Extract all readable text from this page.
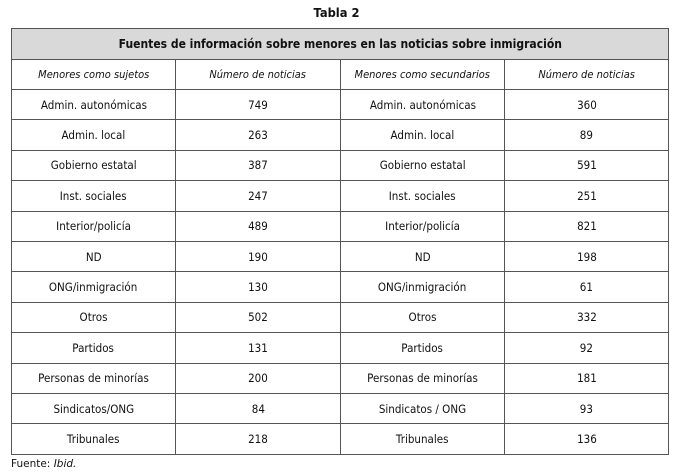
Tabla 2
Fuentes de información sobre menores en las noticias sobre inmigración			
Menores como sujetos	Número de noticias	Menores como secundarios	Número de noticias
Admin. autonómicas	749	Admin. autonómicas	360
Admin. local	263	Admin. local	89
Gobierno estatal	387	Gobierno estatal	591
Inst. sociales	247	Inst. sociales	251
Interior/policía	489	Interior/policía	821
ND	190	ND	198
ONG/inmigración	130	ONG/inmigración	61
Otros	502	Otros	332
Partidos	131	Partidos	92
Personas de minorías	200	Personas de minorías	181
Sindicatos/ONG	84	Sindicatos / ONG	93
Tribunales	218	Tribunales	136
Fuente: Ibid.
